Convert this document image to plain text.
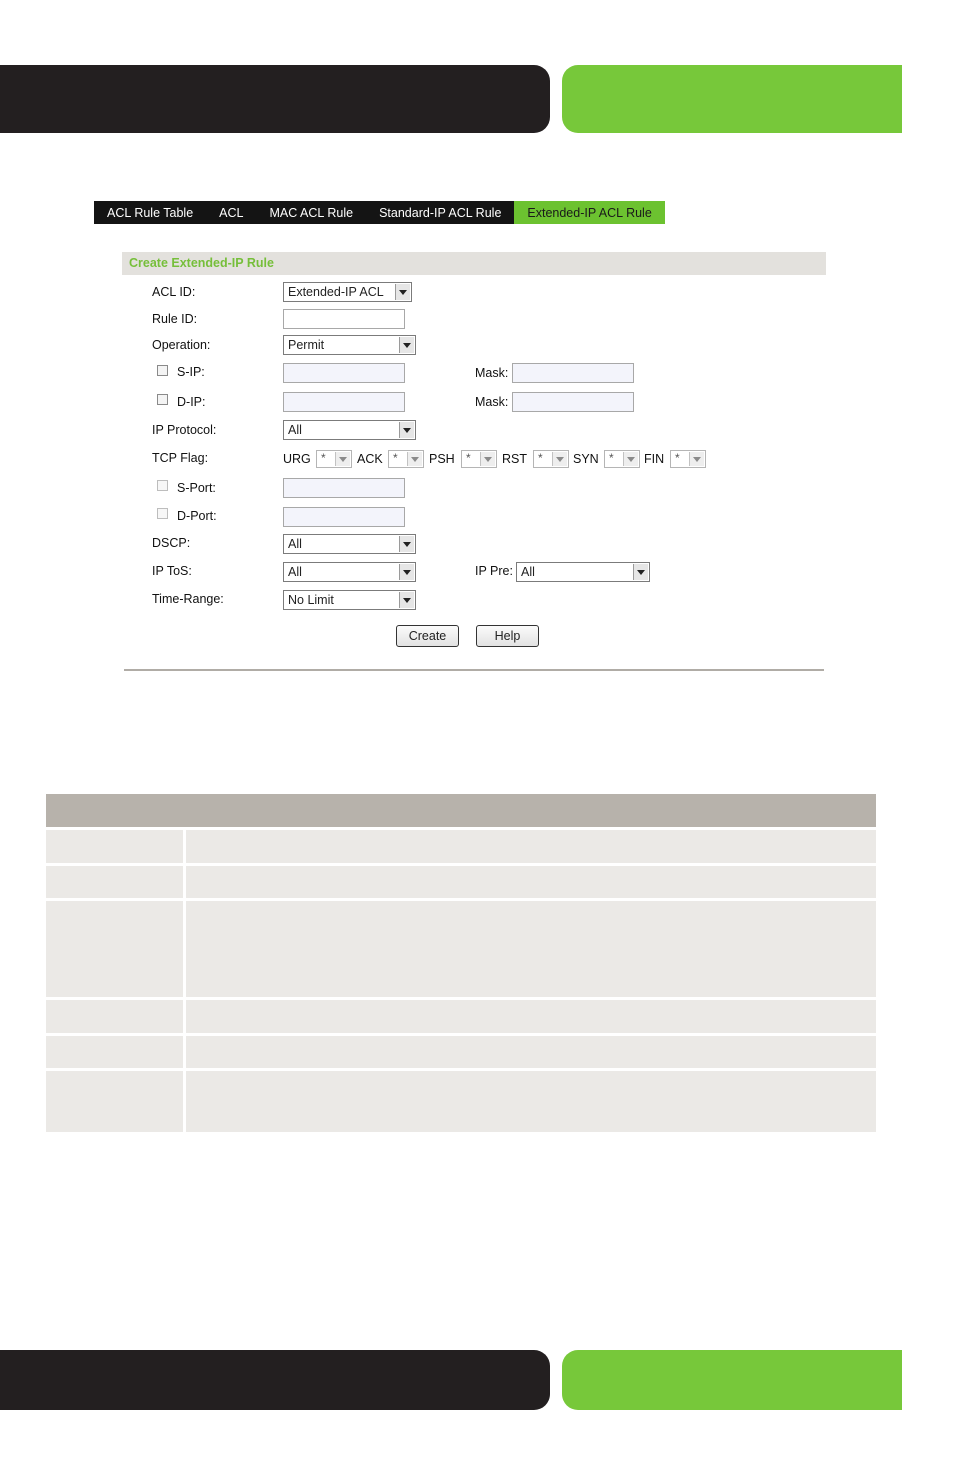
ACL Rule Table	ACL	MAC ACL Rule	Standard-IP ACL Rule	Extended-IP ACL Rule
Create Extended-IP Rule
ACL ID:	Extended-IP ACL
Rule ID:
Operation:	Permit
S-IP:	Mask:
D-IP:	Mask:
IP Protocol:	All
TCP Flag:	URG *	ACK *	PSH *	RST *	SYN *	FIN *
S-Port:
D-Port:
DSCP:	All
IP ToS:	All	IP Pre: All
Time-Range:	No Limit
Create	Help
